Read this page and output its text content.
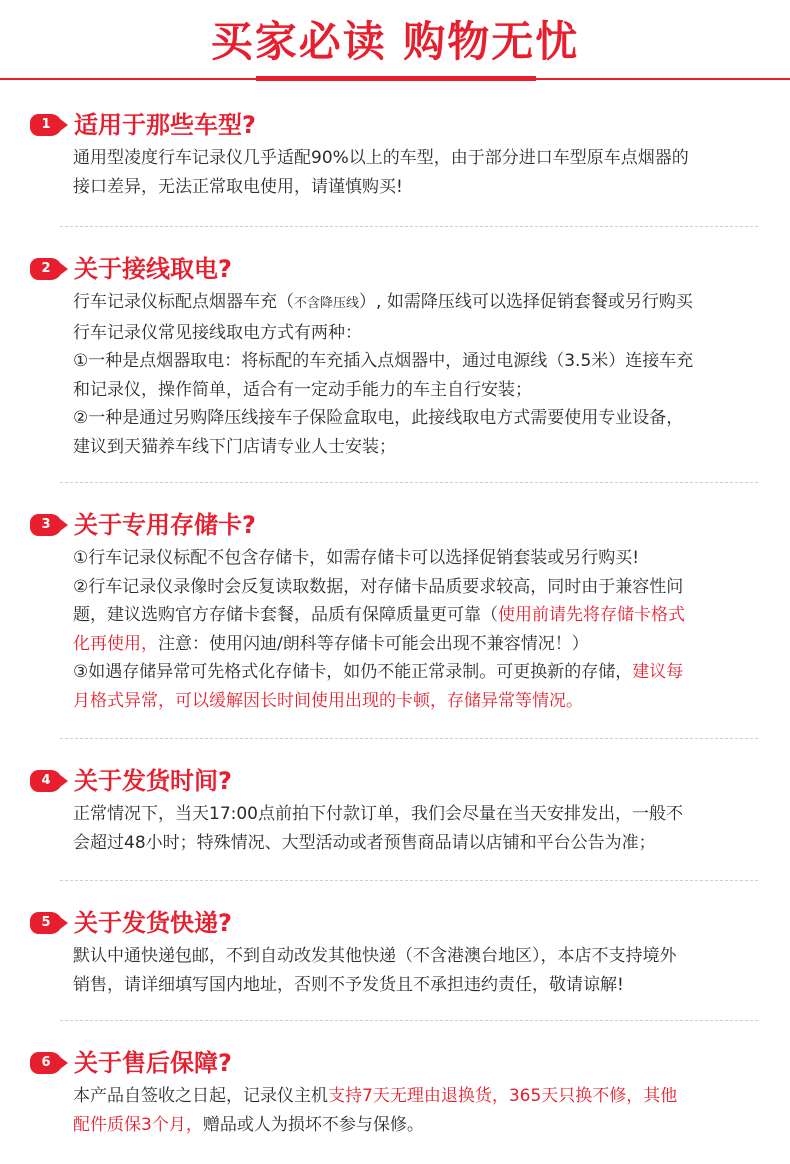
买家必读 购物无忧
1 适用于那些车型?

通用型凌度行车记录仪几乎适配90%以上的车型，由于部分进口车型原车点烟器的

接口差异，无法正常取电使用，请谨慎购买!

2 关于接线取电?

行车记录仪标配点烟器车充（不含降压线）, 如需降压线可以选择促销套餐或另行购买

行车记录仪常见接线取电方式有两种：

①一种是点烟器取电：将标配的车充插入点烟器中，通过电源线（3.5米）连接车充

和记录仪，操作简单，适合有一定动手能力的车主自行安装；

②一种是通过另购降压线接车子保险盒取电，此接线取电方式需要使用专业设备，

建议到天猫养车线下门店请专业人士安装；

3 关于专用存储卡?

①行车记录仪标配不包含存储卡，如需存储卡可以选择促销套装或另行购买!

②行车记录仪录像时会反复读取数据，对存储卡品质要求较高，同时由于兼容性问

题，建议选购官方存储卡套餐，品质有保障质量更可靠（使用前请先将存储卡格式

化再使用，注意：使用闪迪/朗科等存储卡可能会出现不兼容情况！）

③如遇存储异常可先格式化存储卡，如仍不能正常录制。可更换新的存储，建议每

月格式异常，可以缓解因长时间使用出现的卡顿，存储异常等情况。

4 关于发货时间?

正常情况下，当天17:00点前拍下付款订单，我们会尽量在当天安排发出，一般不

会超过48小时；特殊情况、大型活动或者预售商品请以店铺和平台公告为准；

5 关于发货快递?

默认中通快递包邮，不到自动改发其他快递（不含港澳台地区），本店不支持境外

销售，请详细填写国内地址，否则不予发货且不承担违约责任，敬请谅解!

6 关于售后保障?

本产品自签收之日起，记录仪主机支持7天无理由退换货，365天只换不修，其他

配件质保3个月，赠品或人为损坏不参与保修。
